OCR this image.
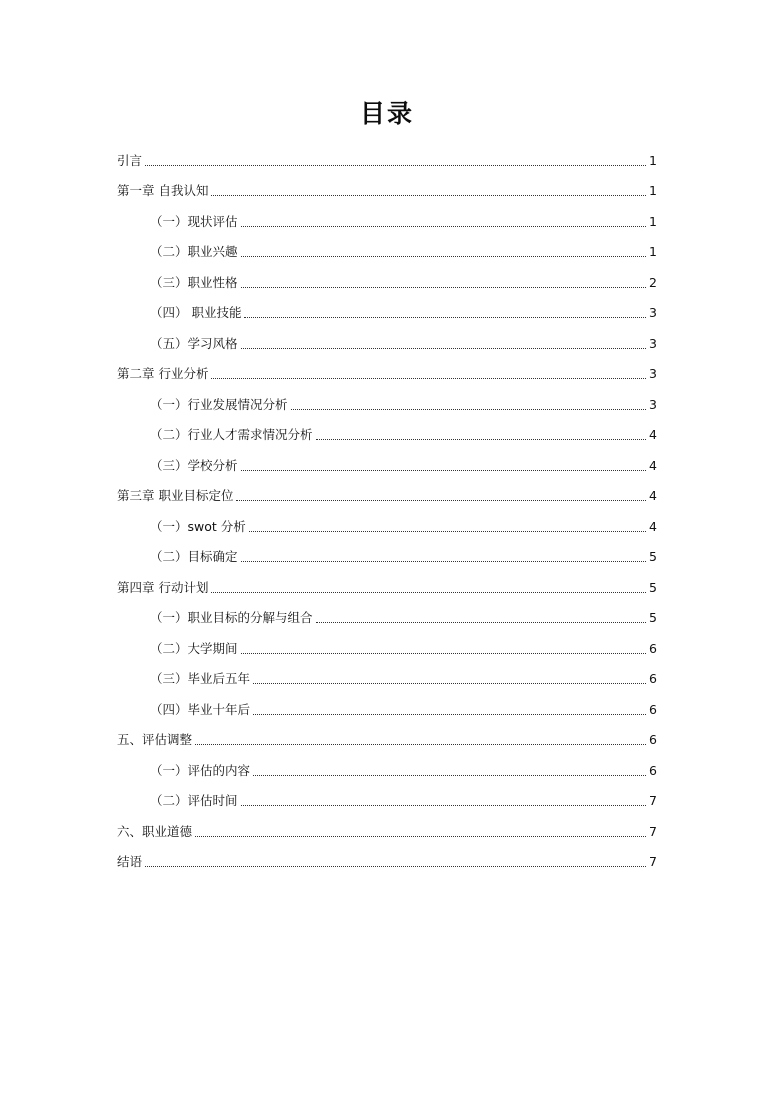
目录
引言	1
第一章 自我认知	1
（一）现状评估	1
（二）职业兴趣	1
（三）职业性格	2
（四） 职业技能	3
（五）学习风格	3
第二章 行业分析	3
（一）行业发展情况分析	3
（二）行业人才需求情况分析	4
（三）学校分析	4
第三章 职业目标定位	4
（一）swot 分析	4
（二）目标确定	5
第四章 行动计划	5
（一）职业目标的分解与组合	5
（二）大学期间	6
（三）毕业后五年	6
（四）毕业十年后	6
五、评估调整	6
（一）评估的内容	6
（二）评估时间	7
六、职业道德	7
结语	7
